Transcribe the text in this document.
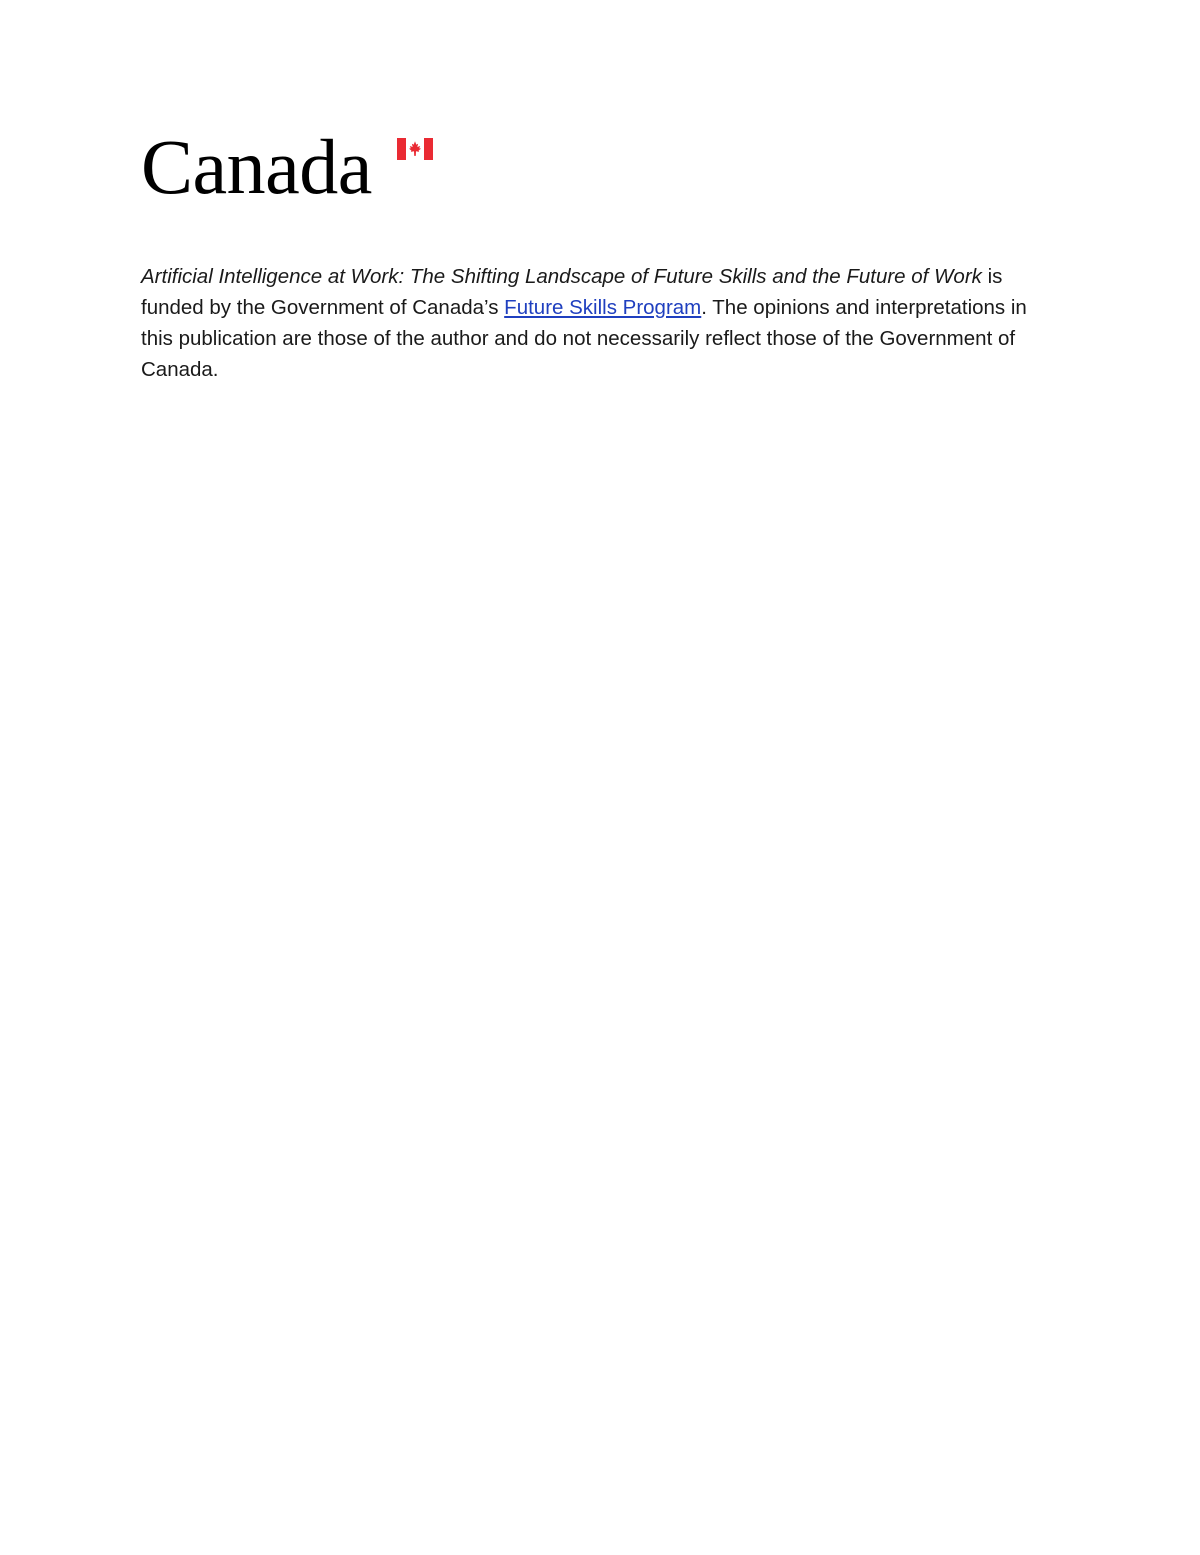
Canada

Artificial Intelligence at Work: The Shifting Landscape of Future Skills and the Future of Work is funded by the Government of Canada’s Future Skills Program. The opinions and interpretations in this publication are those of the author and do not necessarily reflect those of the Government of Canada.
